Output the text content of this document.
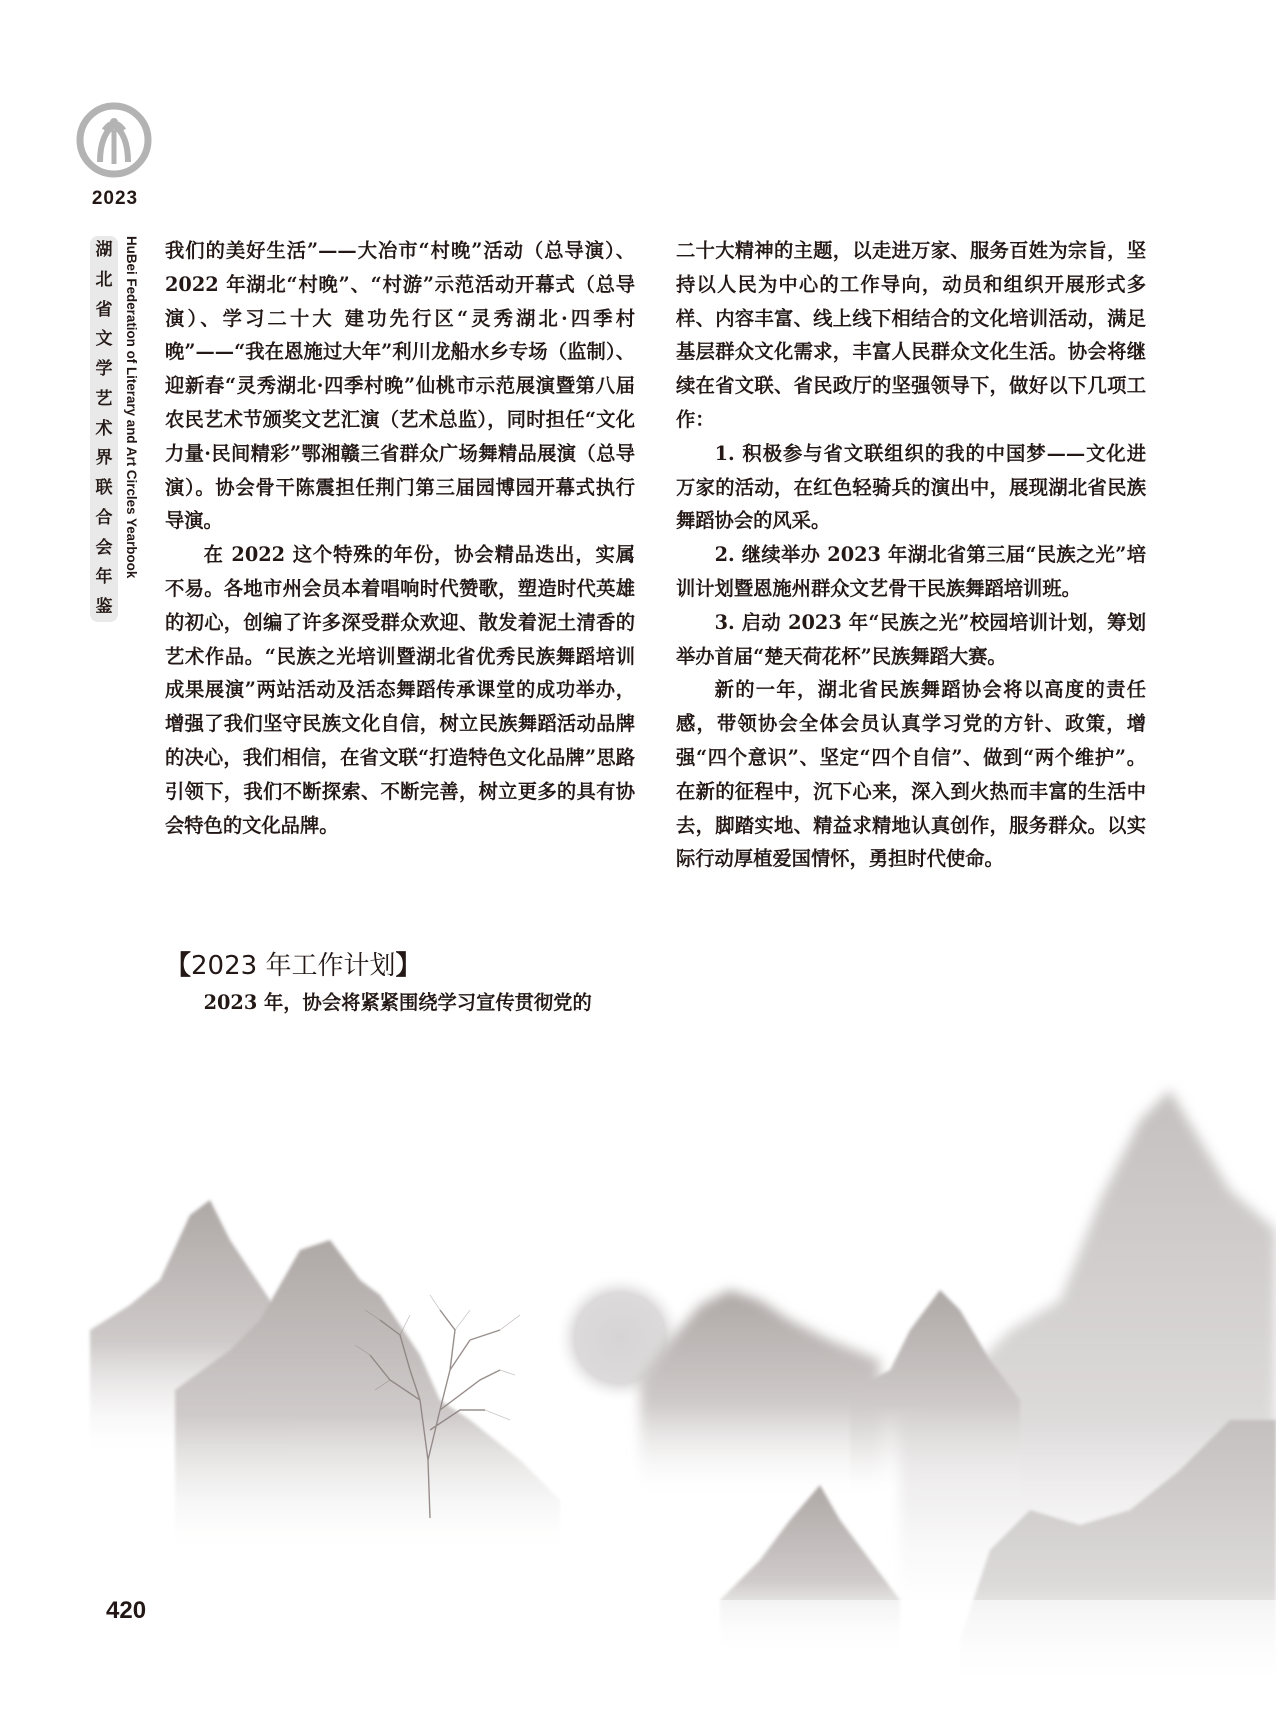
2023
湖
北
省
文
学
艺
术
界
联
合
会
年
鉴
HuBei Federation of Literary and Art Circles Yearbook 我们的美好生活”——大冶市“村晚”活动（总导演）、2022 年湖北“村晚”、“村游”示范活动开幕式（总导演）、学习二十大 建功先行区“灵秀湖北·四季村晚”——“我在恩施过大年”利川龙船水乡专场（监制）、迎新春“灵秀湖北·四季村晚”仙桃市示范展演暨第八届农民艺术节颁奖文艺汇演（艺术总监），同时担任“文化力量·民间精彩”鄂湘赣三省群众广场舞精品展演（总导演）。协会骨干陈震担任荆门第三届园博园开幕式执行导演。

在 2022 这个特殊的年份，协会精品迭出，实属不易。各地市州会员本着唱响时代赞歌，塑造时代英雄的初心，创编了许多深受群众欢迎、散发着泥土清香的艺术作品。“民族之光培训暨湖北省优秀民族舞蹈培训成果展演”两站活动及活态舞蹈传承课堂的成功举办，增强了我们坚守民族文化自信，树立民族舞蹈活动品牌的决心，我们相信，在省文联“打造特色文化品牌”思路引领下，我们不断探索、不断完善，树立更多的具有协会特色的文化品牌。

【2023 年工作计划】
2023 年，协会将紧紧围绕学习宣传贯彻党的

二十大精神的主题，以走进万家、服务百姓为宗旨，坚持以人民为中心的工作导向，动员和组织开展形式多样、内容丰富、线上线下相结合的文化培训活动，满足基层群众文化需求，丰富人民群众文化生活。协会将继续在省文联、省民政厅的坚强领导下，做好以下几项工作：

1. 积极参与省文联组织的我的中国梦——文化进万家的活动，在红色轻骑兵的演出中，展现湖北省民族舞蹈协会的风采。

2. 继续举办 2023 年湖北省第三届“民族之光”培训计划暨恩施州群众文艺骨干民族舞蹈培训班。

3. 启动 2023 年“民族之光”校园培训计划，筹划举办首届“楚天荷花杯”民族舞蹈大赛。

新的一年，湖北省民族舞蹈协会将以高度的责任感，带领协会全体会员认真学习党的方针、政策，增强“四个意识”、坚定“四个自信”、做到“两个维护”。在新的征程中，沉下心来，深入到火热而丰富的生活中去，脚踏实地、精益求精地认真创作，服务群众。以实际行动厚植爱国情怀，勇担时代使命。

420
